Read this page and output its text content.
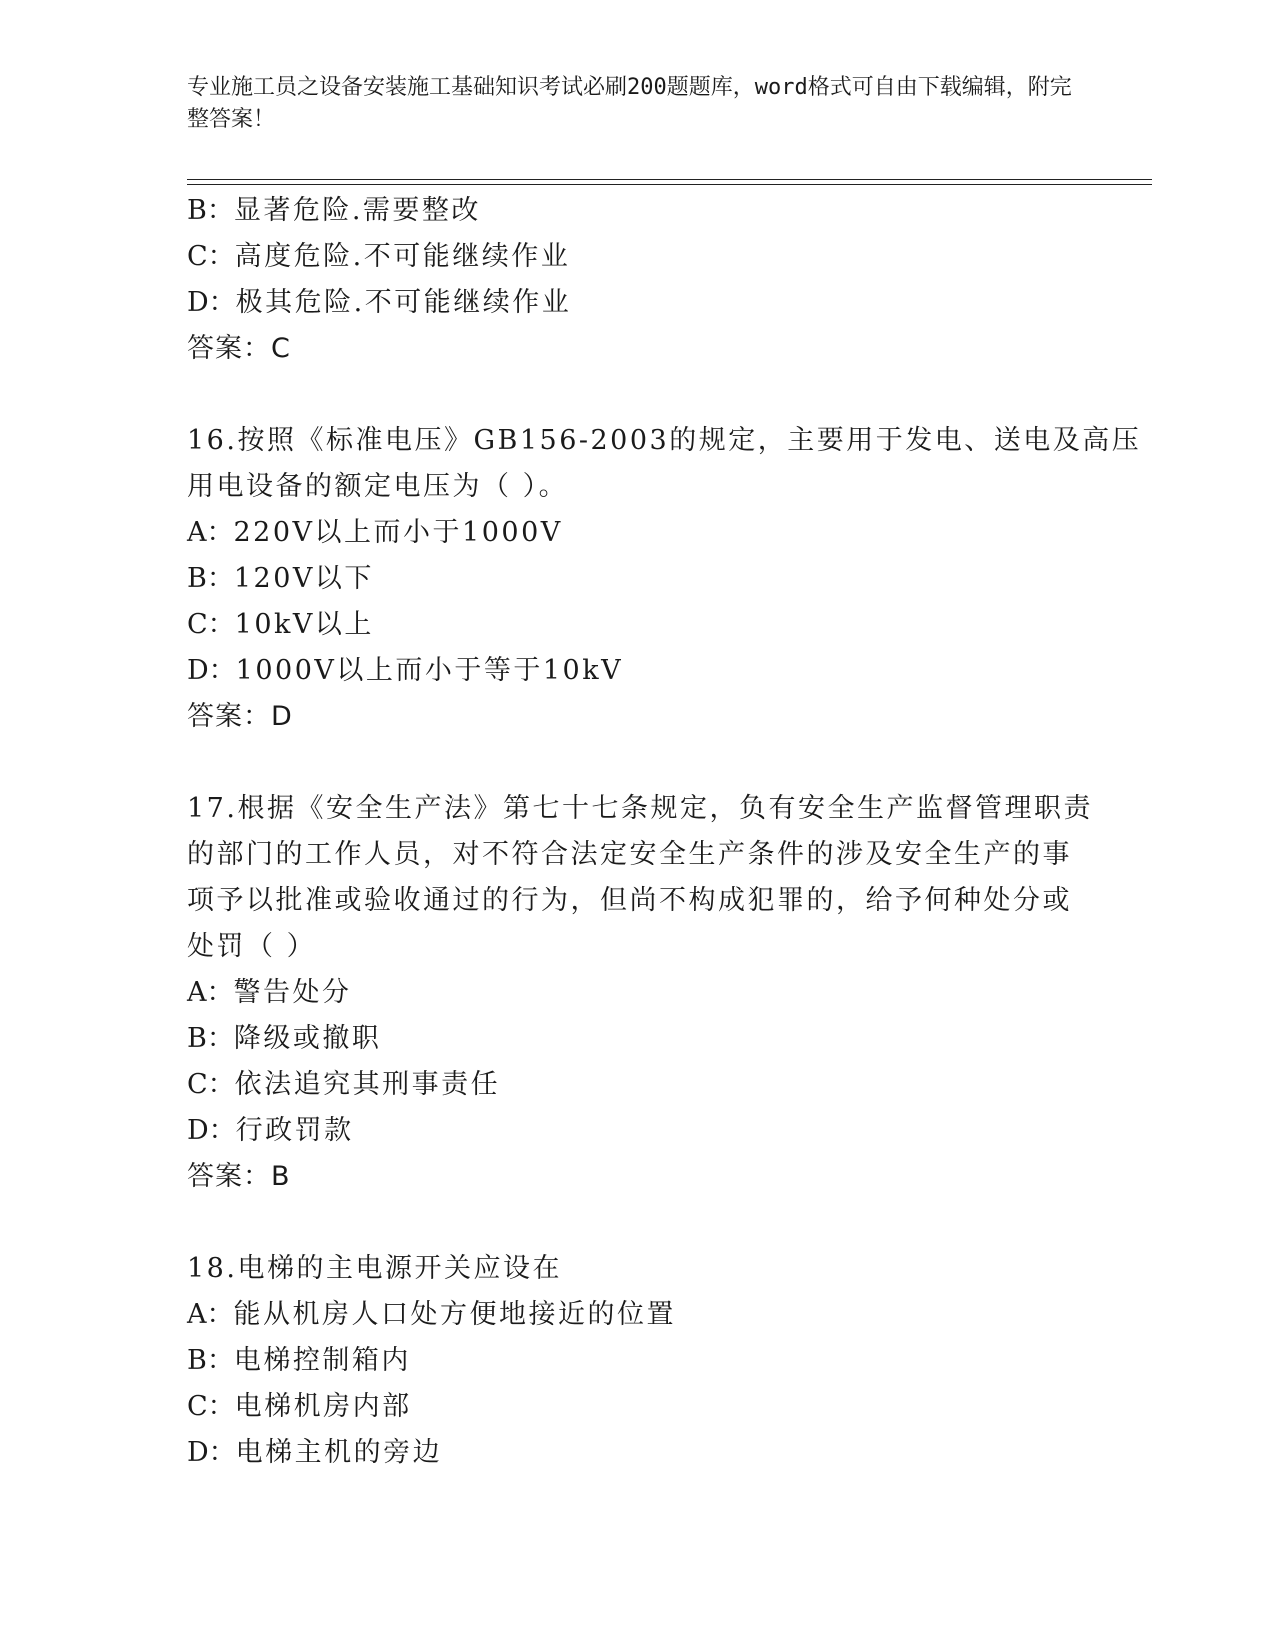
专业施工员之设备安装施工基础知识考试必刷200题题库，word格式可自由下载编辑，附完整答案！
B：显著危险.需要整改
C：高度危险.不可能继续作业
D：极其危险.不可能继续作业
答案：C
16.按照《标准电压》GB156-2003的规定，主要用于发电、送电及高压
用电设备的额定电压为（ ）。
A：220V以上而小于1000V
B：120V以下
C：10kV以上
D：1000V以上而小于等于10kV
答案：D
17.根据《安全生产法》第七十七条规定，负有安全生产监督管理职责
的部门的工作人员，对不符合法定安全生产条件的涉及安全生产的事
项予以批准或验收通过的行为，但尚不构成犯罪的，给予何种处分或
处罚（ ）
A：警告处分
B：降级或撤职
C：依法追究其刑事责任
D：行政罚款
答案：B
18.电梯的主电源开关应设在
A：能从机房人口处方便地接近的位置
B：电梯控制箱内
C：电梯机房内部
D：电梯主机的旁边
